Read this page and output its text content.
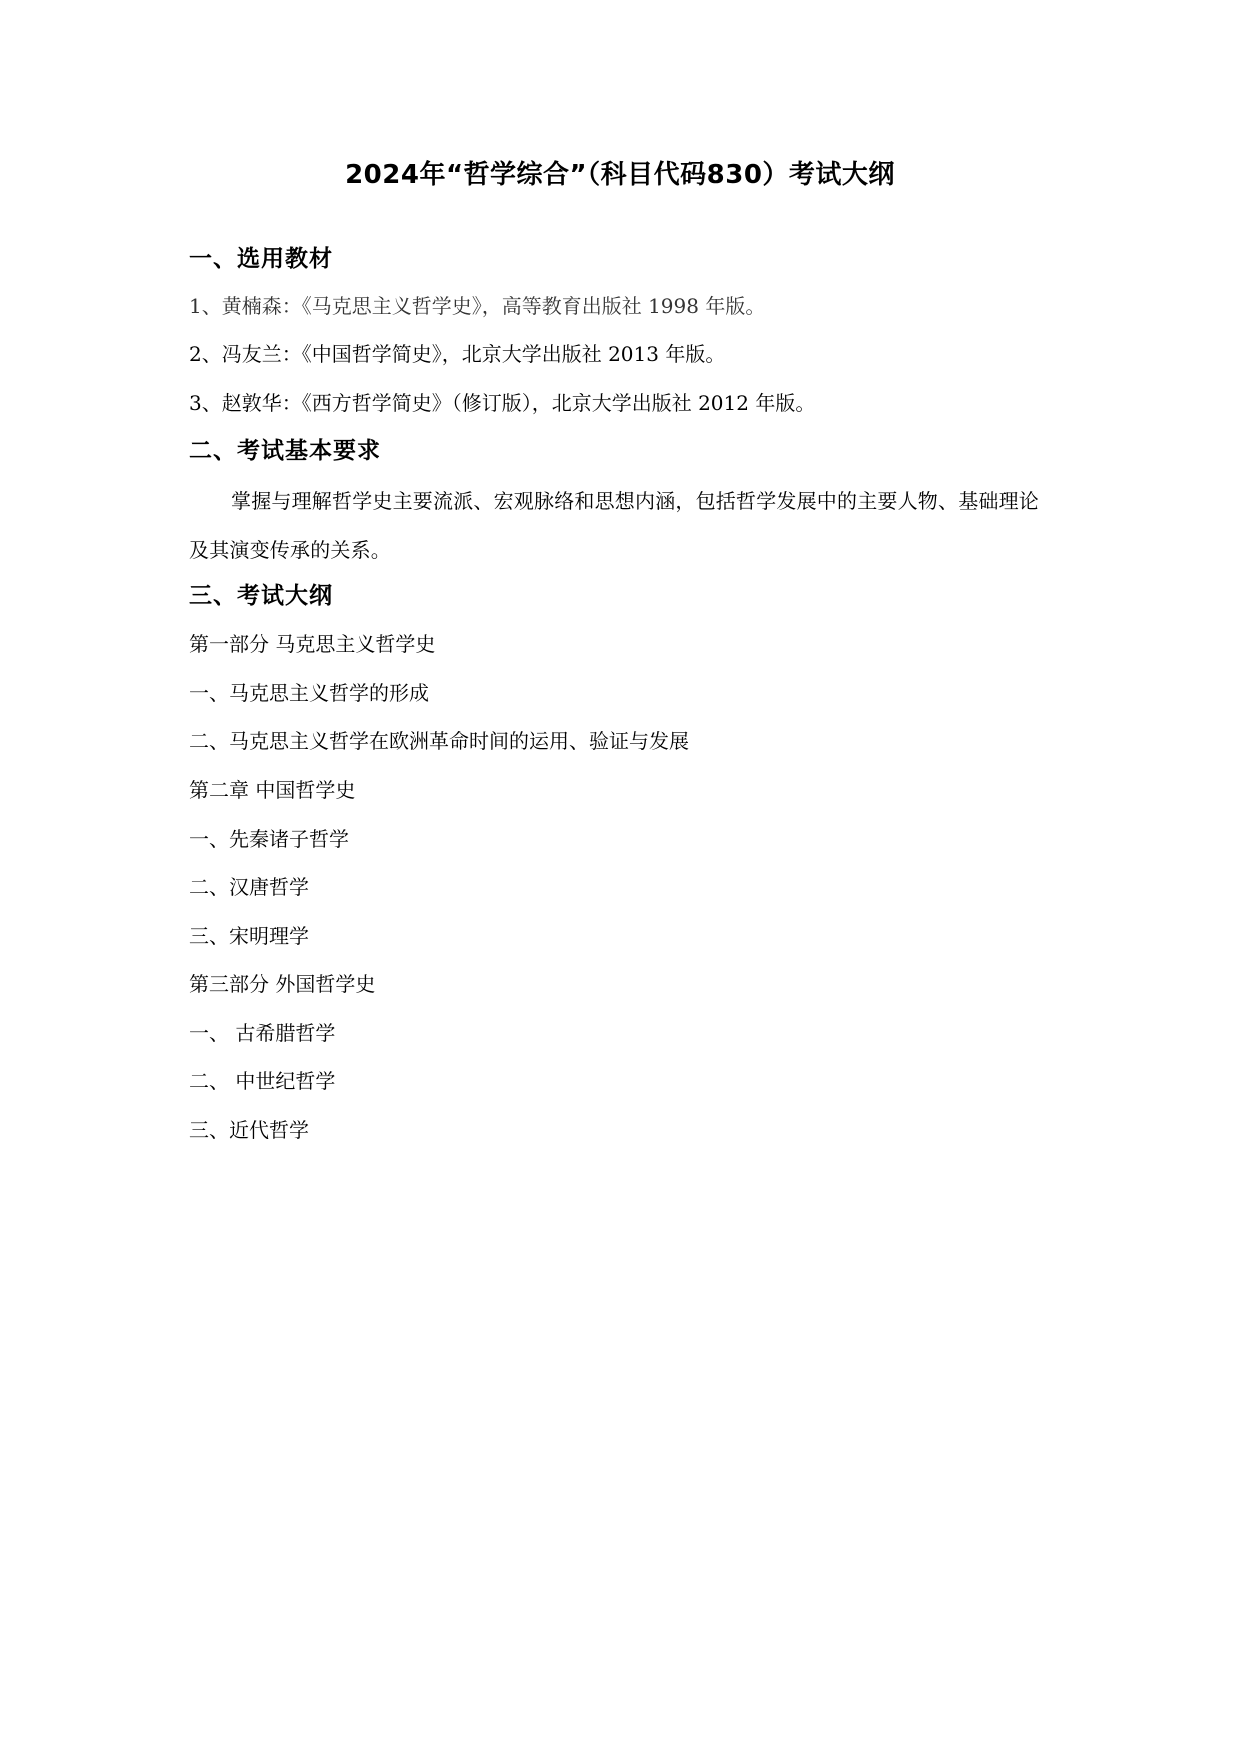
2024年“哲学综合”（科目代码830）考试大纲
一、选用教材
1、黄楠森：《马克思主义哲学史》，高等教育出版社 1998 年版。
2、冯友兰：《中国哲学简史》，北京大学出版社 2013 年版。
3、赵敦华：《西方哲学简史》（修订版），北京大学出版社 2012 年版。
二、考试基本要求
掌握与理解哲学史主要流派、宏观脉络和思想内涵，包括哲学发展中的主要人物、基础理论及其演变传承的关系。
三、考试大纲
第一部分 马克思主义哲学史
一、马克思主义哲学的形成
二、马克思主义哲学在欧洲革命时间的运用、验证与发展
第二章 中国哲学史
一、先秦诸子哲学
二、汉唐哲学
三、宋明理学
第三部分 外国哲学史
一、 古希腊哲学
二、 中世纪哲学
三、近代哲学
